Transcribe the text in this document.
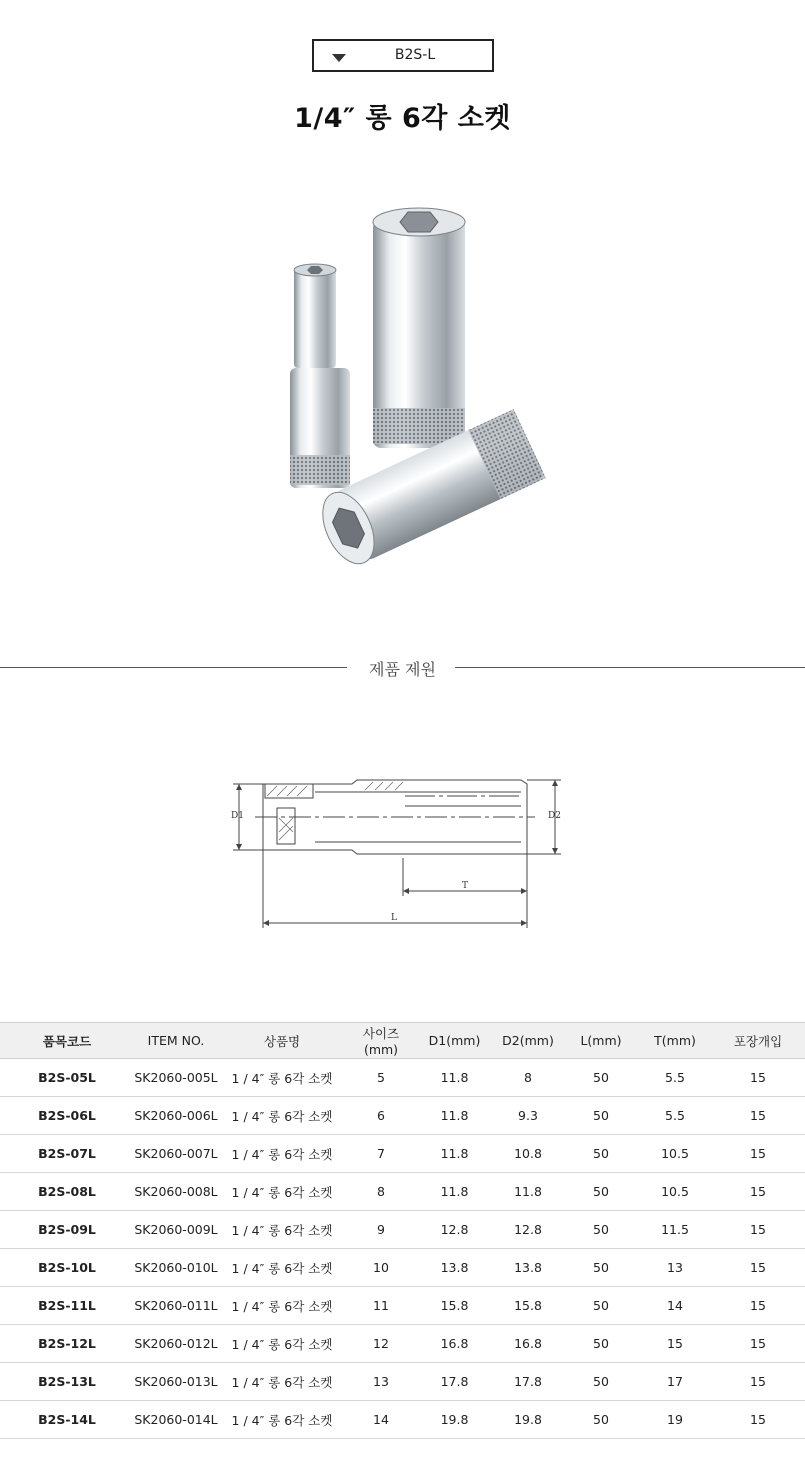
B2S-L
1/4″ 롱 6각 소켓
제품 제원
D1	D2
T
L
품목코드	ITEM NO.	상품명	사이즈(mm)	D1(mm)	D2(mm)	L(mm)	T(mm)	포장개입
B2S-05L	SK2060-005L	1 / 4″ 롱 6각 소켓	5	11.8	8	50	5.5	15
B2S-06L	SK2060-006L	1 / 4″ 롱 6각 소켓	6	11.8	9.3	50	5.5	15
B2S-07L	SK2060-007L	1 / 4″ 롱 6각 소켓	7	11.8	10.8	50	10.5	15
B2S-08L	SK2060-008L	1 / 4″ 롱 6각 소켓	8	11.8	11.8	50	10.5	15
B2S-09L	SK2060-009L	1 / 4″ 롱 6각 소켓	9	12.8	12.8	50	11.5	15
B2S-10L	SK2060-010L	1 / 4″ 롱 6각 소켓	10	13.8	13.8	50	13	15
B2S-11L	SK2060-011L	1 / 4″ 롱 6각 소켓	11	15.8	15.8	50	14	15
B2S-12L	SK2060-012L	1 / 4″ 롱 6각 소켓	12	16.8	16.8	50	15	15
B2S-13L	SK2060-013L	1 / 4″ 롱 6각 소켓	13	17.8	17.8	50	17	15
B2S-14L	SK2060-014L	1 / 4″ 롱 6각 소켓	14	19.8	19.8	50	19	15
